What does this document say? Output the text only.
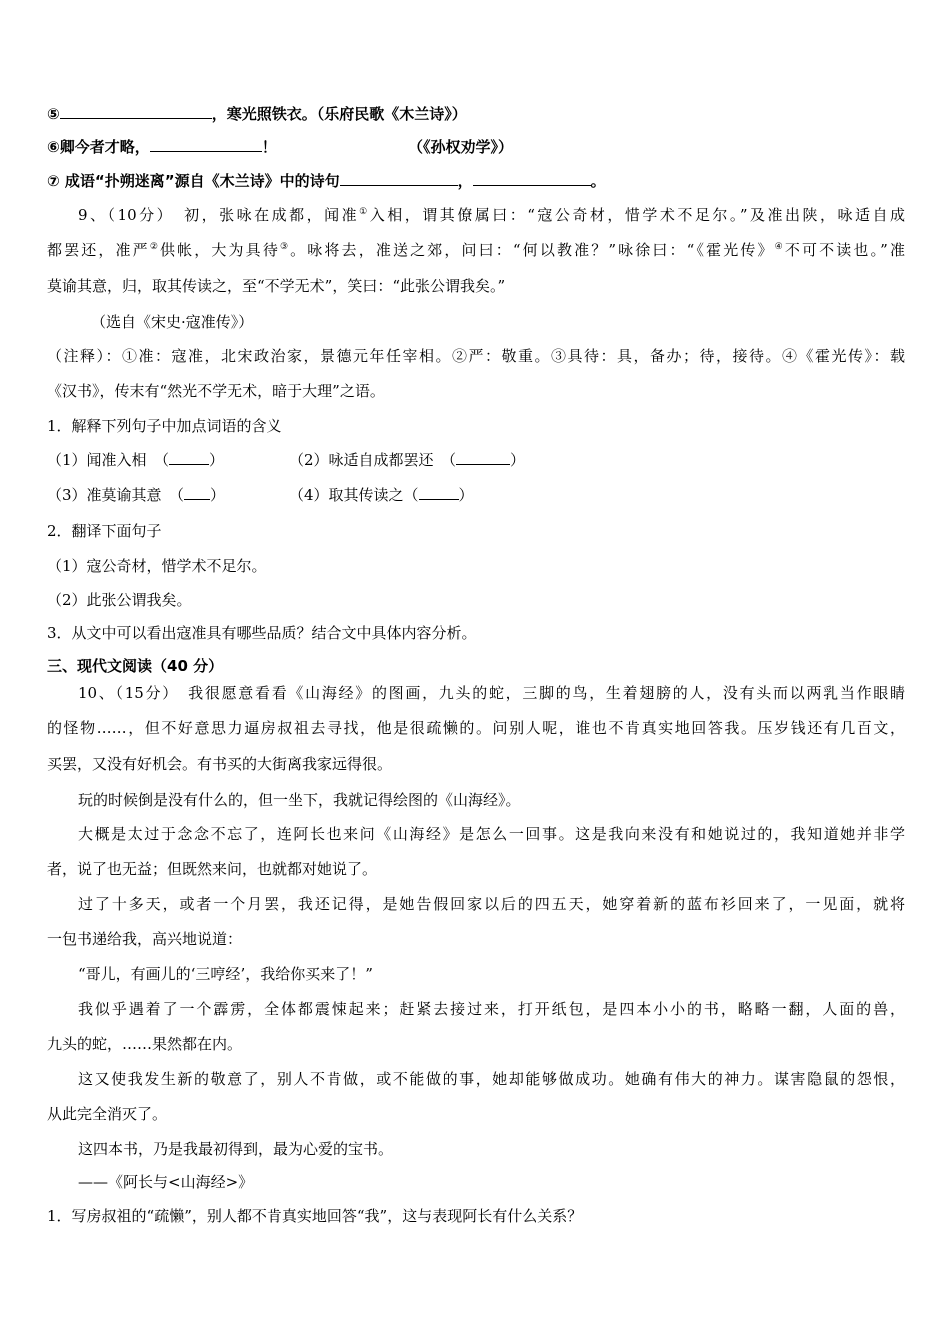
⑤	，寒光照铁衣。（乐府民歌《木兰诗》）
⑥卿今者才略，	！	（《孙权劝学》）
⑦ 成语“扑朔迷离”源自《木兰诗》中的诗句	，	。
9、（10分）　初，张咏在成都，闻准①入相，谓其僚属曰：“寇公奇材，惜学术不足尔。”及准出陕，咏适自成
都罢还，准严②供帐，大为具待③。咏将去，准送之郊，问曰：“何以教准？”咏徐曰：“《霍光传》④不可不读也。”准
莫谕其意，归，取其传读之，至“不学无术”，笑曰：“此张公谓我矣。”
（选自《宋史·寇准传》）
（注释）：①准：寇准，北宋政治家，景德元年任宰相。②严：敬重。③具待：具，备办；待，接待。④《霍光传》：载
《汉书》，传末有“然光不学无术，暗于大理”之语。
1．解释下列句子中加点词语的含义
（1）闻准入相　（	）	（2）咏适自成都罢还　（	）
（3）准莫谕其意　（ ）	（4）取其传读之（	）
2．翻译下面句子
（1）寇公奇材，惜学术不足尔。
（2）此张公谓我矣。
3．从文中可以看出寇准具有哪些品质？结合文中具体内容分析。
三、现代文阅读（40 分）
10、（15分）　我很愿意看看《山海经》的图画，九头的蛇，三脚的鸟，生着翅膀的人，没有头而以两乳当作眼睛
的怪物……，但不好意思力逼房叔祖去寻找，他是很疏懒的。问别人呢，谁也不肯真实地回答我。压岁钱还有几百文，
买罢，又没有好机会。有书买的大街离我家远得很。
玩的时候倒是没有什么的，但一坐下，我就记得绘图的《山海经》。
大概是太过于念念不忘了，连阿长也来问《山海经》是怎么一回事。这是我向来没有和她说过的，我知道她并非学
者，说了也无益；但既然来问，也就都对她说了。
过了十多天，或者一个月罢，我还记得，是她告假回家以后的四五天，她穿着新的蓝布衫回来了，一见面，就将
一包书递给我，高兴地说道：
“哥儿，有画儿的‘三哼经’，我给你买来了！”
我似乎遇着了一个霹雳，全体都震悚起来；赶紧去接过来，打开纸包，是四本小小的书，略略一翻，人面的兽，
九头的蛇，……果然都在内。
这又使我发生新的敬意了，别人不肯做，或不能做的事，她却能够做成功。她确有伟大的神力。谋害隐鼠的怨恨，
从此完全消灭了。
这四本书，乃是我最初得到，最为心爱的宝书。
——《阿长与<山海经>》
1．写房叔祖的“疏懒”，别人都不肯真实地回答“我”，这与表现阿长有什么关系？
